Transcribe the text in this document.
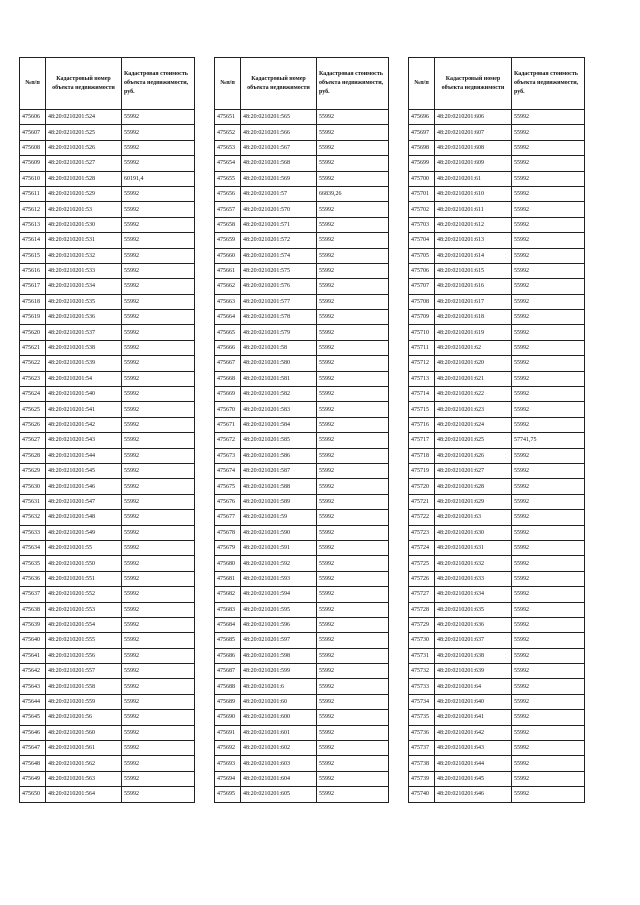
№п/п	Кадастровый номер объекта недвижимости	Кадастровая стоимость объекта недвижимости, руб.
475606	48:20:0210201:524	55992
475607	48:20:0210201:525	55992
475608	48:20:0210201:526	55992
475609	48:20:0210201:527	55992
475610	48:20:0210201:528	60191,4
475611	48:20:0210201:529	55992
475612	48:20:0210201:53	55992
475613	48:20:0210201:530	55992
475614	48:20:0210201:531	55992
475615	48:20:0210201:532	55992
475616	48:20:0210201:533	55992
475617	48:20:0210201:534	55992
475618	48:20:0210201:535	55992
475619	48:20:0210201:536	55992
475620	48:20:0210201:537	55992
475621	48:20:0210201:538	55992
475622	48:20:0210201:539	55992
475623	48:20:0210201:54	55992
475624	48:20:0210201:540	55992
475625	48:20:0210201:541	55992
475626	48:20:0210201:542	55992
475627	48:20:0210201:543	55992
475628	48:20:0210201:544	55992
475629	48:20:0210201:545	55992
475630	48:20:0210201:546	55992
475631	48:20:0210201:547	55992
475632	48:20:0210201:548	55992
475633	48:20:0210201:549	55992
475634	48:20:0210201:55	55992
475635	48:20:0210201:550	55992
475636	48:20:0210201:551	55992
475637	48:20:0210201:552	55992
475638	48:20:0210201:553	55992
475639	48:20:0210201:554	55992
475640	48:20:0210201:555	55992
475641	48:20:0210201:556	55992
475642	48:20:0210201:557	55992
475643	48:20:0210201:558	55992
475644	48:20:0210201:559	55992
475645	48:20:0210201:56	55992
475646	48:20:0210201:560	55992
475647	48:20:0210201:561	55992
475648	48:20:0210201:562	55992
475649	48:20:0210201:563	55992
475650	48:20:0210201:564	55992
№п/п	Кадастровый номер объекта недвижимости	Кадастровая стоимость объекта недвижимости, руб.
475651	48:20:0210201:565	55992
475652	48:20:0210201:566	55992
475653	48:20:0210201:567	55992
475654	48:20:0210201:568	55992
475655	48:20:0210201:569	55992
475656	48:20:0210201:57	66839,26
475657	48:20:0210201:570	55992
475658	48:20:0210201:571	55992
475659	48:20:0210201:572	55992
475660	48:20:0210201:574	55992
475661	48:20:0210201:575	55992
475662	48:20:0210201:576	55992
475663	48:20:0210201:577	55992
475664	48:20:0210201:578	55992
475665	48:20:0210201:579	55992
475666	48:20:0210201:58	55992
475667	48:20:0210201:580	55992
475668	48:20:0210201:581	55992
475669	48:20:0210201:582	55992
475670	48:20:0210201:583	55992
475671	48:20:0210201:584	55992
475672	48:20:0210201:585	55992
475673	48:20:0210201:586	55992
475674	48:20:0210201:587	55992
475675	48:20:0210201:588	55992
475676	48:20:0210201:589	55992
475677	48:20:0210201:59	55992
475678	48:20:0210201:590	55992
475679	48:20:0210201:591	55992
475680	48:20:0210201:592	55992
475681	48:20:0210201:593	55992
475682	48:20:0210201:594	55992
475683	48:20:0210201:595	55992
475684	48:20:0210201:596	55992
475685	48:20:0210201:597	55992
475686	48:20:0210201:598	55992
475687	48:20:0210201:599	55992
475688	48:20:0210201:6	55992
475689	48:20:0210201:60	55992
475690	48:20:0210201:600	55992
475691	48:20:0210201:601	55992
475692	48:20:0210201:602	55992
475693	48:20:0210201:603	55992
475694	48:20:0210201:604	55992
475695	48:20:0210201:605	55992
№п/п	Кадастровый номер объекта недвижимости	Кадастровая стоимость объекта недвижимости, руб.
475696	48:20:0210201:606	55992
475697	48:20:0210201:607	55992
475698	48:20:0210201:608	55992
475699	48:20:0210201:609	55992
475700	48:20:0210201:61	55992
475701	48:20:0210201:610	55992
475702	48:20:0210201:611	55992
475703	48:20:0210201:612	55992
475704	48:20:0210201:613	55992
475705	48:20:0210201:614	55992
475706	48:20:0210201:615	55992
475707	48:20:0210201:616	55992
475708	48:20:0210201:617	55992
475709	48:20:0210201:618	55992
475710	48:20:0210201:619	55992
475711	48:20:0210201:62	55992
475712	48:20:0210201:620	55992
475713	48:20:0210201:621	55992
475714	48:20:0210201:622	55992
475715	48:20:0210201:623	55992
475716	48:20:0210201:624	55992
475717	48:20:0210201:625	57741,75
475718	48:20:0210201:626	55992
475719	48:20:0210201:627	55992
475720	48:20:0210201:628	55992
475721	48:20:0210201:629	55992
475722	48:20:0210201:63	55992
475723	48:20:0210201:630	55992
475724	48:20:0210201:631	55992
475725	48:20:0210201:632	55992
475726	48:20:0210201:633	55992
475727	48:20:0210201:634	55992
475728	48:20:0210201:635	55992
475729	48:20:0210201:636	55992
475730	48:20:0210201:637	55992
475731	48:20:0210201:638	55992
475732	48:20:0210201:639	55992
475733	48:20:0210201:64	55992
475734	48:20:0210201:640	55992
475735	48:20:0210201:641	55992
475736	48:20:0210201:642	55992
475737	48:20:0210201:643	55992
475738	48:20:0210201:644	55992
475739	48:20:0210201:645	55992
475740	48:20:0210201:646	55992
